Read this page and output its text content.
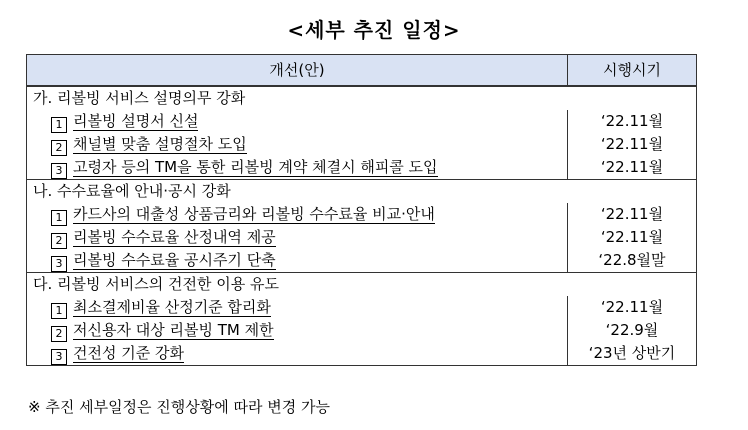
<세부 추진 일정>
개선(안)	시행시기
가. 리볼빙 서비스 설명의무 강화	
1 리볼빙 설명서 신설	‘22.11월
2 채널별 맞춤 설명절차 도입	‘22.11월
3 고령자 등의 TM을 통한 리볼빙 계약 체결시 해피콜 도입	‘22.11월
나. 수수료율에 안내·공시 강화	
1 카드사의 대출성 상품금리와 리볼빙 수수료율 비교·안내	‘22.11월
2 리볼빙 수수료율 산정내역 제공	‘22.11월
3 리볼빙 수수료율 공시주기 단축	‘22.8월말
다. 리볼빙 서비스의 건전한 이용 유도	
1 최소결제비율 산정기준 합리화	‘22.11월
2 저신용자 대상 리볼빙 TM 제한	‘22.9월
3 건전성 기준 강화	‘23년 상반기
※ 추진 세부일정은 진행상황에 따라 변경 가능
